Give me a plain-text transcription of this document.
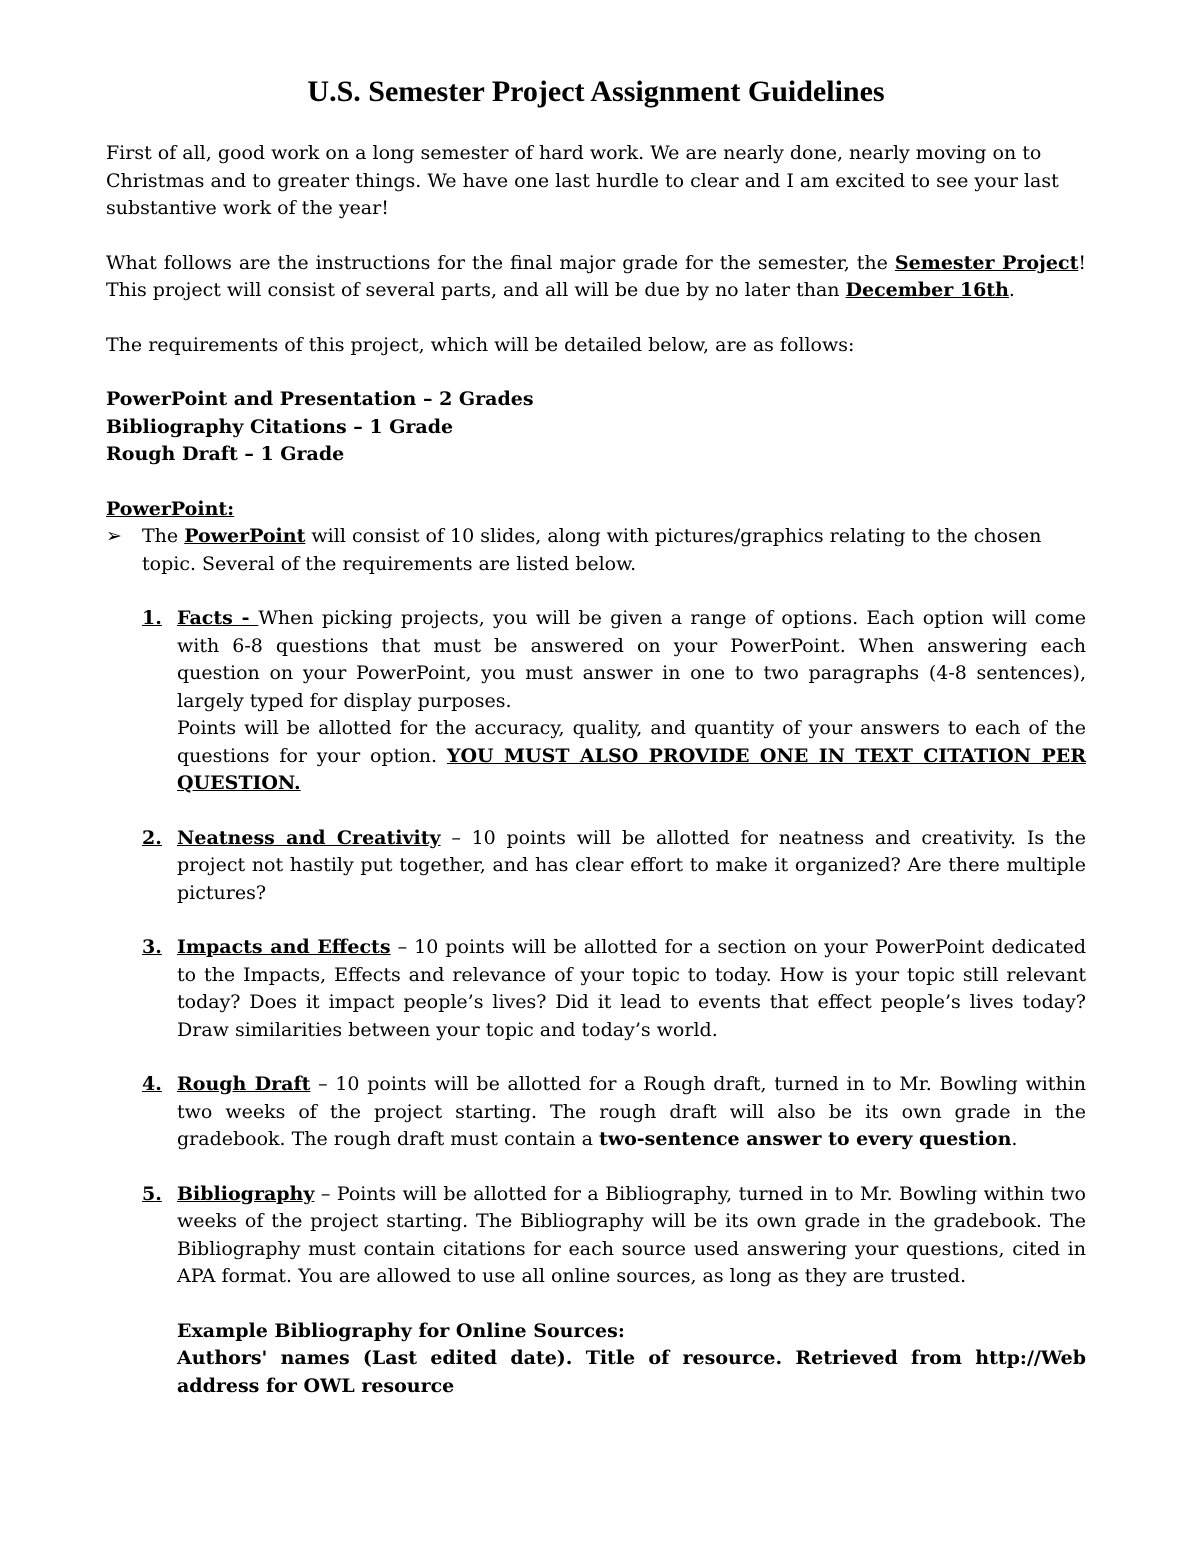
U.S. Semester Project Assignment Guidelines

First of all, good work on a long semester of hard work. We are nearly done, nearly moving on to Christmas and to greater things. We have one last hurdle to clear and I am excited to see your last substantive work of the year!

What follows are the instructions for the final major grade for the semester, the Semester Project! This project will consist of several parts, and all will be due by no later than December 16th.

The requirements of this project, which will be detailed below, are as follows:

PowerPoint and Presentation – 2 Grades

Bibliography Citations – 1 Grade

Rough Draft – 1 Grade

PowerPoint:

➢ The PowerPoint will consist of 10 slides, along with pictures/graphics relating to the chosen topic. Several of the requirements are listed below.
1. Facts - When picking projects, you will be given a range of options. Each option will come with 6-8 questions that must be answered on your PowerPoint. When answering each question on your PowerPoint, you must answer in one to two paragraphs (4-8 sentences), largely typed for display purposes.
Points will be allotted for the accuracy, quality, and quantity of your answers to each of the questions for your option. YOU MUST ALSO PROVIDE ONE IN TEXT CITATION PER QUESTION.
2. Neatness and Creativity – 10 points will be allotted for neatness and creativity. Is the project not hastily put together, and has clear effort to make it organized? Are there multiple pictures?
3. Impacts and Effects – 10 points will be allotted for a section on your PowerPoint dedicated to the Impacts, Effects and relevance of your topic to today. How is your topic still relevant today? Does it impact people’s lives? Did it lead to events that effect people’s lives today? Draw similarities between your topic and today’s world.
4. Rough Draft – 10 points will be allotted for a Rough draft, turned in to Mr. Bowling within two weeks of the project starting. The rough draft will also be its own grade in the gradebook. The rough draft must contain a two-sentence answer to every question.
5. Bibliography – Points will be allotted for a Bibliography, turned in to Mr. Bowling within two weeks of the project starting. The Bibliography will be its own grade in the gradebook. The Bibliography must contain citations for each source used answering your questions, cited in APA format. You are allowed to use all online sources, as long as they are trusted.

Example Bibliography for Online Sources:

Authors' names (Last edited date). Title of resource. Retrieved from http://Web address for OWL resource
